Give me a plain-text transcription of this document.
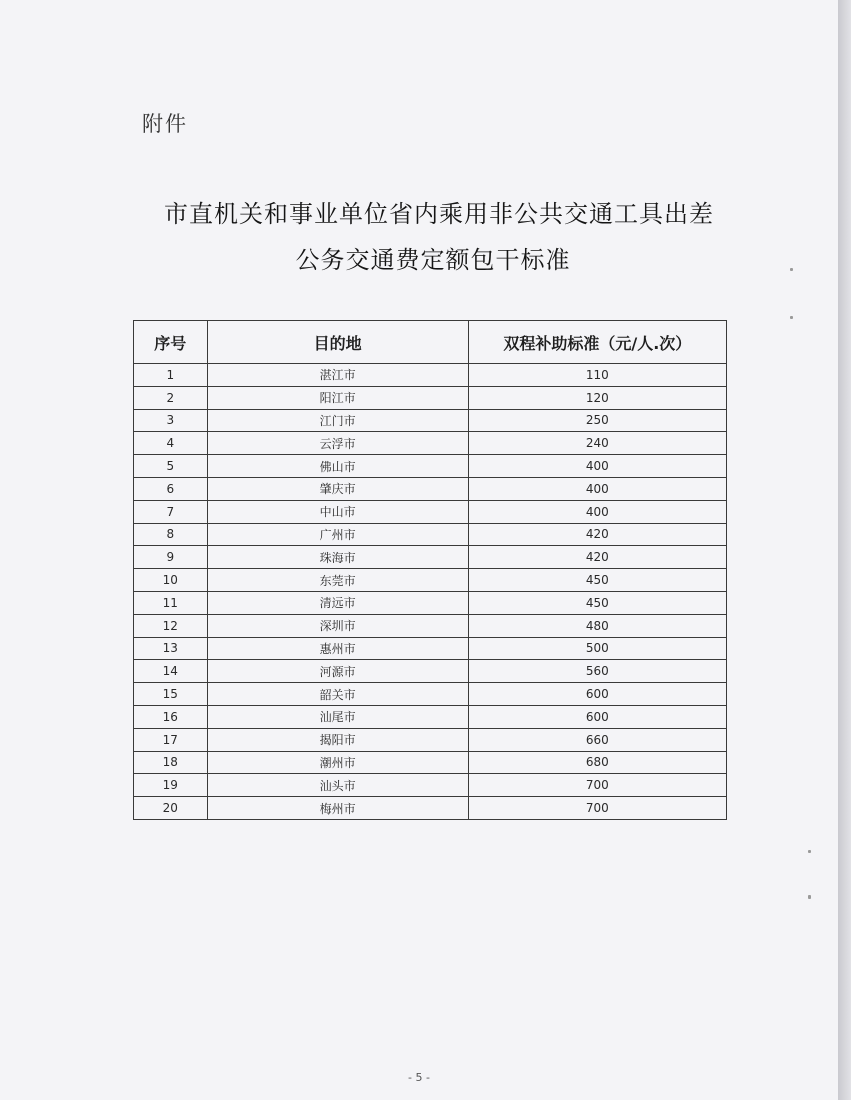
附件
市直机关和事业单位省内乘用非公共交通工具出差
公务交通费定额包干标准
序号	目的地	双程补助标准（元/人.次）
1	湛江市	110
2	阳江市	120
3	江门市	250
4	云浮市	240
5	佛山市	400
6	肇庆市	400
7	中山市	400
8	广州市	420
9	珠海市	420
10	东莞市	450
11	清远市	450
12	深圳市	480
13	惠州市	500
14	河源市	560
15	韶关市	600
16	汕尾市	600
17	揭阳市	660
18	潮州市	680
19	汕头市	700
20	梅州市	700
- 5 -
